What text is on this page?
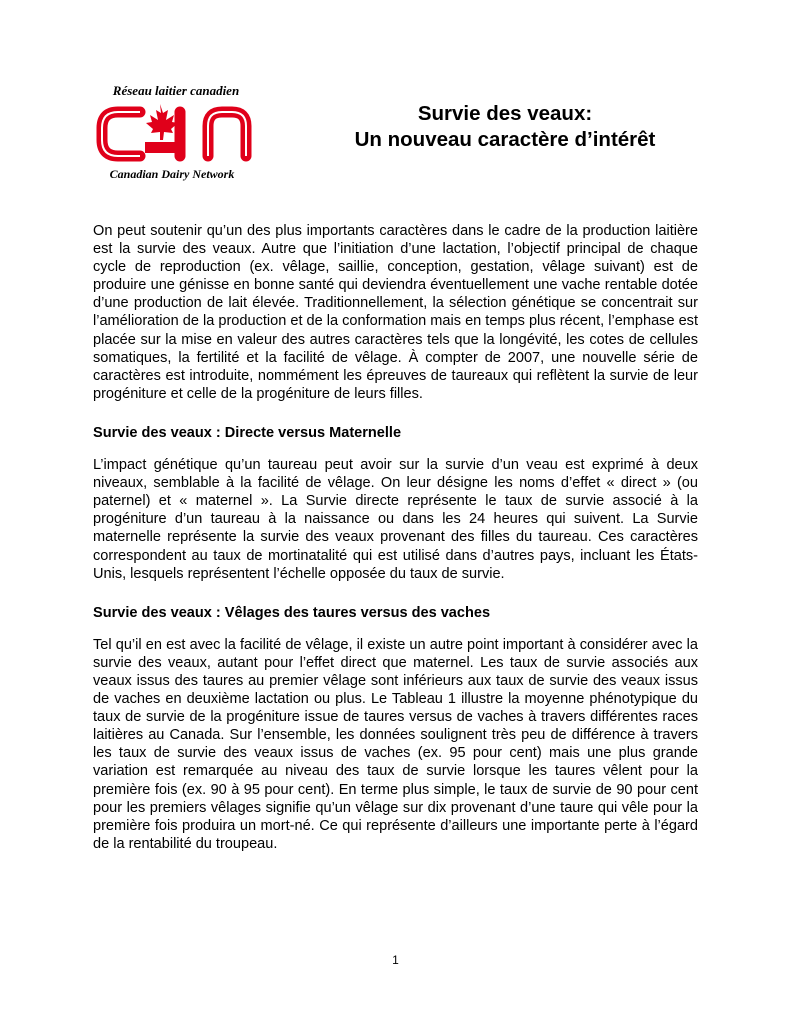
Réseau laitier canadien
Canadian Dairy Network
Survie des veaux:
Un nouveau caractère d’intérêt

On peut soutenir qu’un des plus importants caractères dans le cadre de la production laitière est la survie des veaux. Autre que l’initiation d’une lactation, l’objectif principal de chaque cycle de reproduction (ex. vêlage, saillie, conception, gestation, vêlage suivant) est de produire une génisse en bonne santé qui deviendra éventuellement une vache rentable dotée d’une production de lait élevée. Traditionnellement, la sélection génétique se concentrait sur l’amélioration de la production et de la conformation mais en temps plus récent, l’emphase est placée sur la mise en valeur des autres caractères tels que la longévité, les cotes de cellules somatiques, la fertilité et la facilité de vêlage. À compter de 2007, une nouvelle série de caractères est introduite, nommément les épreuves de taureaux qui reflètent la survie de leur progéniture et celle de la progéniture de leurs filles.

Survie des veaux : Directe versus Maternelle

L’impact génétique qu’un taureau peut avoir sur la survie d’un veau est exprimé à deux niveaux, semblable à la facilité de vêlage. On leur désigne les noms d’effet « direct » (ou paternel) et « maternel ». La Survie directe représente le taux de survie associé à la progéniture d’un taureau à la naissance ou dans les 24 heures qui suivent. La Survie maternelle représente la survie des veaux provenant des filles du taureau. Ces caractères correspondent au taux de mortinatalité qui est utilisé dans d’autres pays, incluant les États-Unis, lesquels représentent l’échelle opposée du taux de survie.

Survie des veaux : Vêlages des taures versus des vaches

Tel qu’il en est avec la facilité de vêlage, il existe un autre point important à considérer avec la survie des veaux, autant pour l’effet direct que maternel. Les taux de survie associés aux veaux issus des taures au premier vêlage sont inférieurs aux taux de survie des veaux issus de vaches en deuxième lactation ou plus. Le Tableau 1 illustre la moyenne phénotypique du taux de survie de la progéniture issue de taures versus de vaches à travers différentes races laitières au Canada. Sur l’ensemble, les données soulignent très peu de différence à travers les taux de survie des veaux issus de vaches (ex. 95 pour cent) mais une plus grande variation est remarquée au niveau des taux de survie lorsque les taures vêlent pour la première fois (ex. 90 à 95 pour cent). En terme plus simple, le taux de survie de 90 pour cent pour les premiers vêlages signifie qu’un vêlage sur dix provenant d’une taure qui vêle pour la première fois produira un mort-né. Ce qui représente d’ailleurs une importante perte à l’égard de la rentabilité du troupeau.

1
